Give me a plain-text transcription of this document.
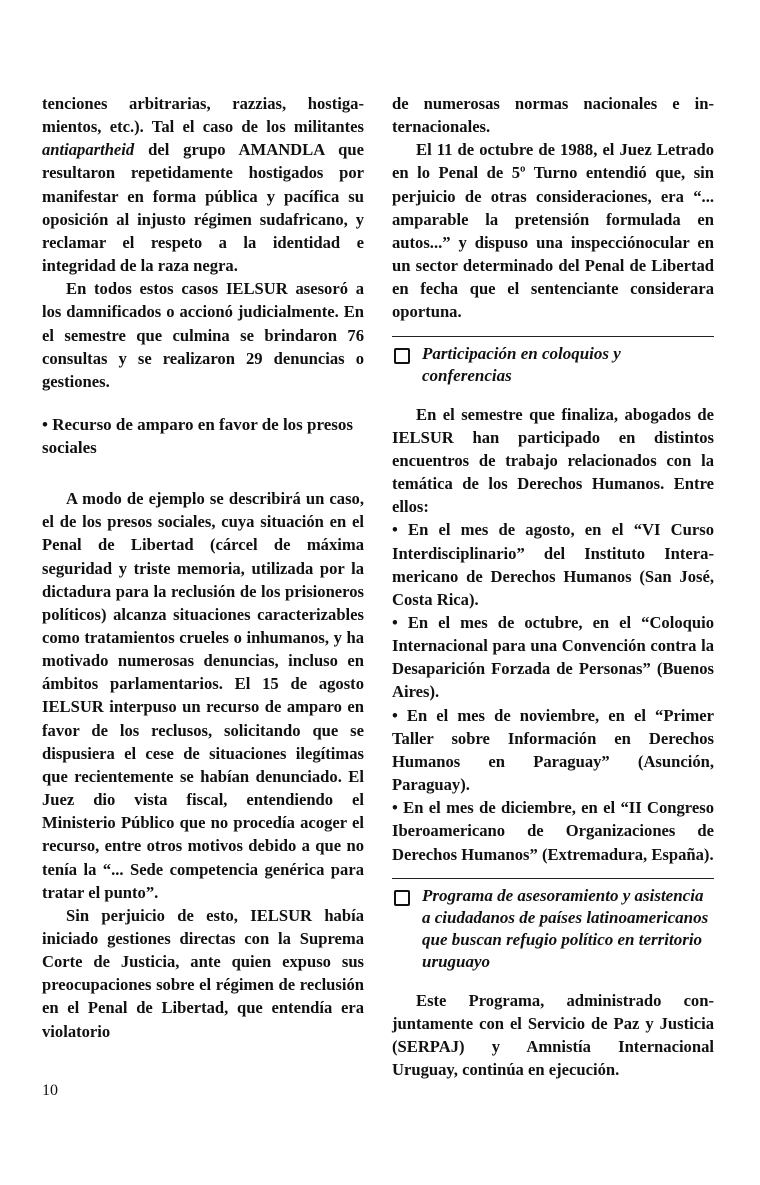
tenciones arbitrarias, razzias, hostigamientos, etc.). Tal el caso de los militantes antiapartheid del grupo AMANDLA que resultaron repetidamente hostigados por manifestar en forma pública y pacífica su oposición al injusto régimen sudafricano, y reclamar el respeto a la identidad e integridad de la raza negra.

En todos estos casos IELSUR asesoró a los damnificados o accionó judicialmente. En el semestre que culmina se brindaron 76 consultas y se realizaron 29 denuncias o gestiones.

• Recurso de amparo en favor de los presos sociales

A modo de ejemplo se describirá un caso, el de los presos sociales, cuya situación en el Penal de Libertad (cárcel de máxima seguridad y triste memoria, utilizada por la dictadura para la reclusión de los prisioneros políticos) alcanza situaciones caracterizables como tratamientos crueles o inhumanos, y ha motivado numerosas denuncias, incluso en ámbitos parlamentarios. El 15 de agosto IELSUR interpuso un recurso de amparo en favor de los reclusos, solicitando que se dispusiera el cese de situaciones ilegítimas que recientemente se habían denunciado. El Juez dio vista fiscal, entendiendo el Ministerio Público que no procedía acoger el recurso, entre otros motivos debido a que no tenía la “... Sede competencia genérica para tratar el punto”.

Sin perjuicio de esto, IELSUR había iniciado gestiones directas con la Suprema Corte de Justicia, ante quien expuso sus preocupaciones sobre el régimen de reclusión en el Penal de Libertad, que entendía era violatorio

de numerosas normas nacionales e internacionales.

El 11 de octubre de 1988, el Juez Letrado en lo Penal de 5º Turno entendió que, sin perjuicio de otras consideraciones, era “... amparable la pretensión formulada en autos...” y dispuso una inspecciónocular en un sector determinado del Penal de Libertad en fecha que el sentenciante considerara oportuna.

Participación en coloquios y conferencias

En el semestre que finaliza, abogados de IELSUR han participado en distintos encuentros de trabajo relacionados con la temática de los Derechos Humanos. Entre ellos:

• En el mes de agosto, en el “VI Curso Interdisciplinario” del Instituto Interamericano de Derechos Humanos (San José, Costa Rica).

• En el mes de octubre, en el “Coloquio Internacional para una Convención contra la Desaparición Forzada de Personas” (Buenos Aires).

• En el mes de noviembre, en el “Primer Taller sobre Información en Derechos Humanos en Paraguay” (Asunción, Paraguay).

• En el mes de diciembre, en el “II Congreso Iberoamericano de Organizaciones de Derechos Humanos” (Extremadura, España).

Programa de asesoramiento y asistencia a ciudadanos de países latinoamericanos que buscan refugio político en territorio uruguayo

Este Programa, administrado conjuntamente con el Servicio de Paz y Justicia (SERPAJ) y Amnistía Internacional Uruguay, continúa en ejecución.

10
